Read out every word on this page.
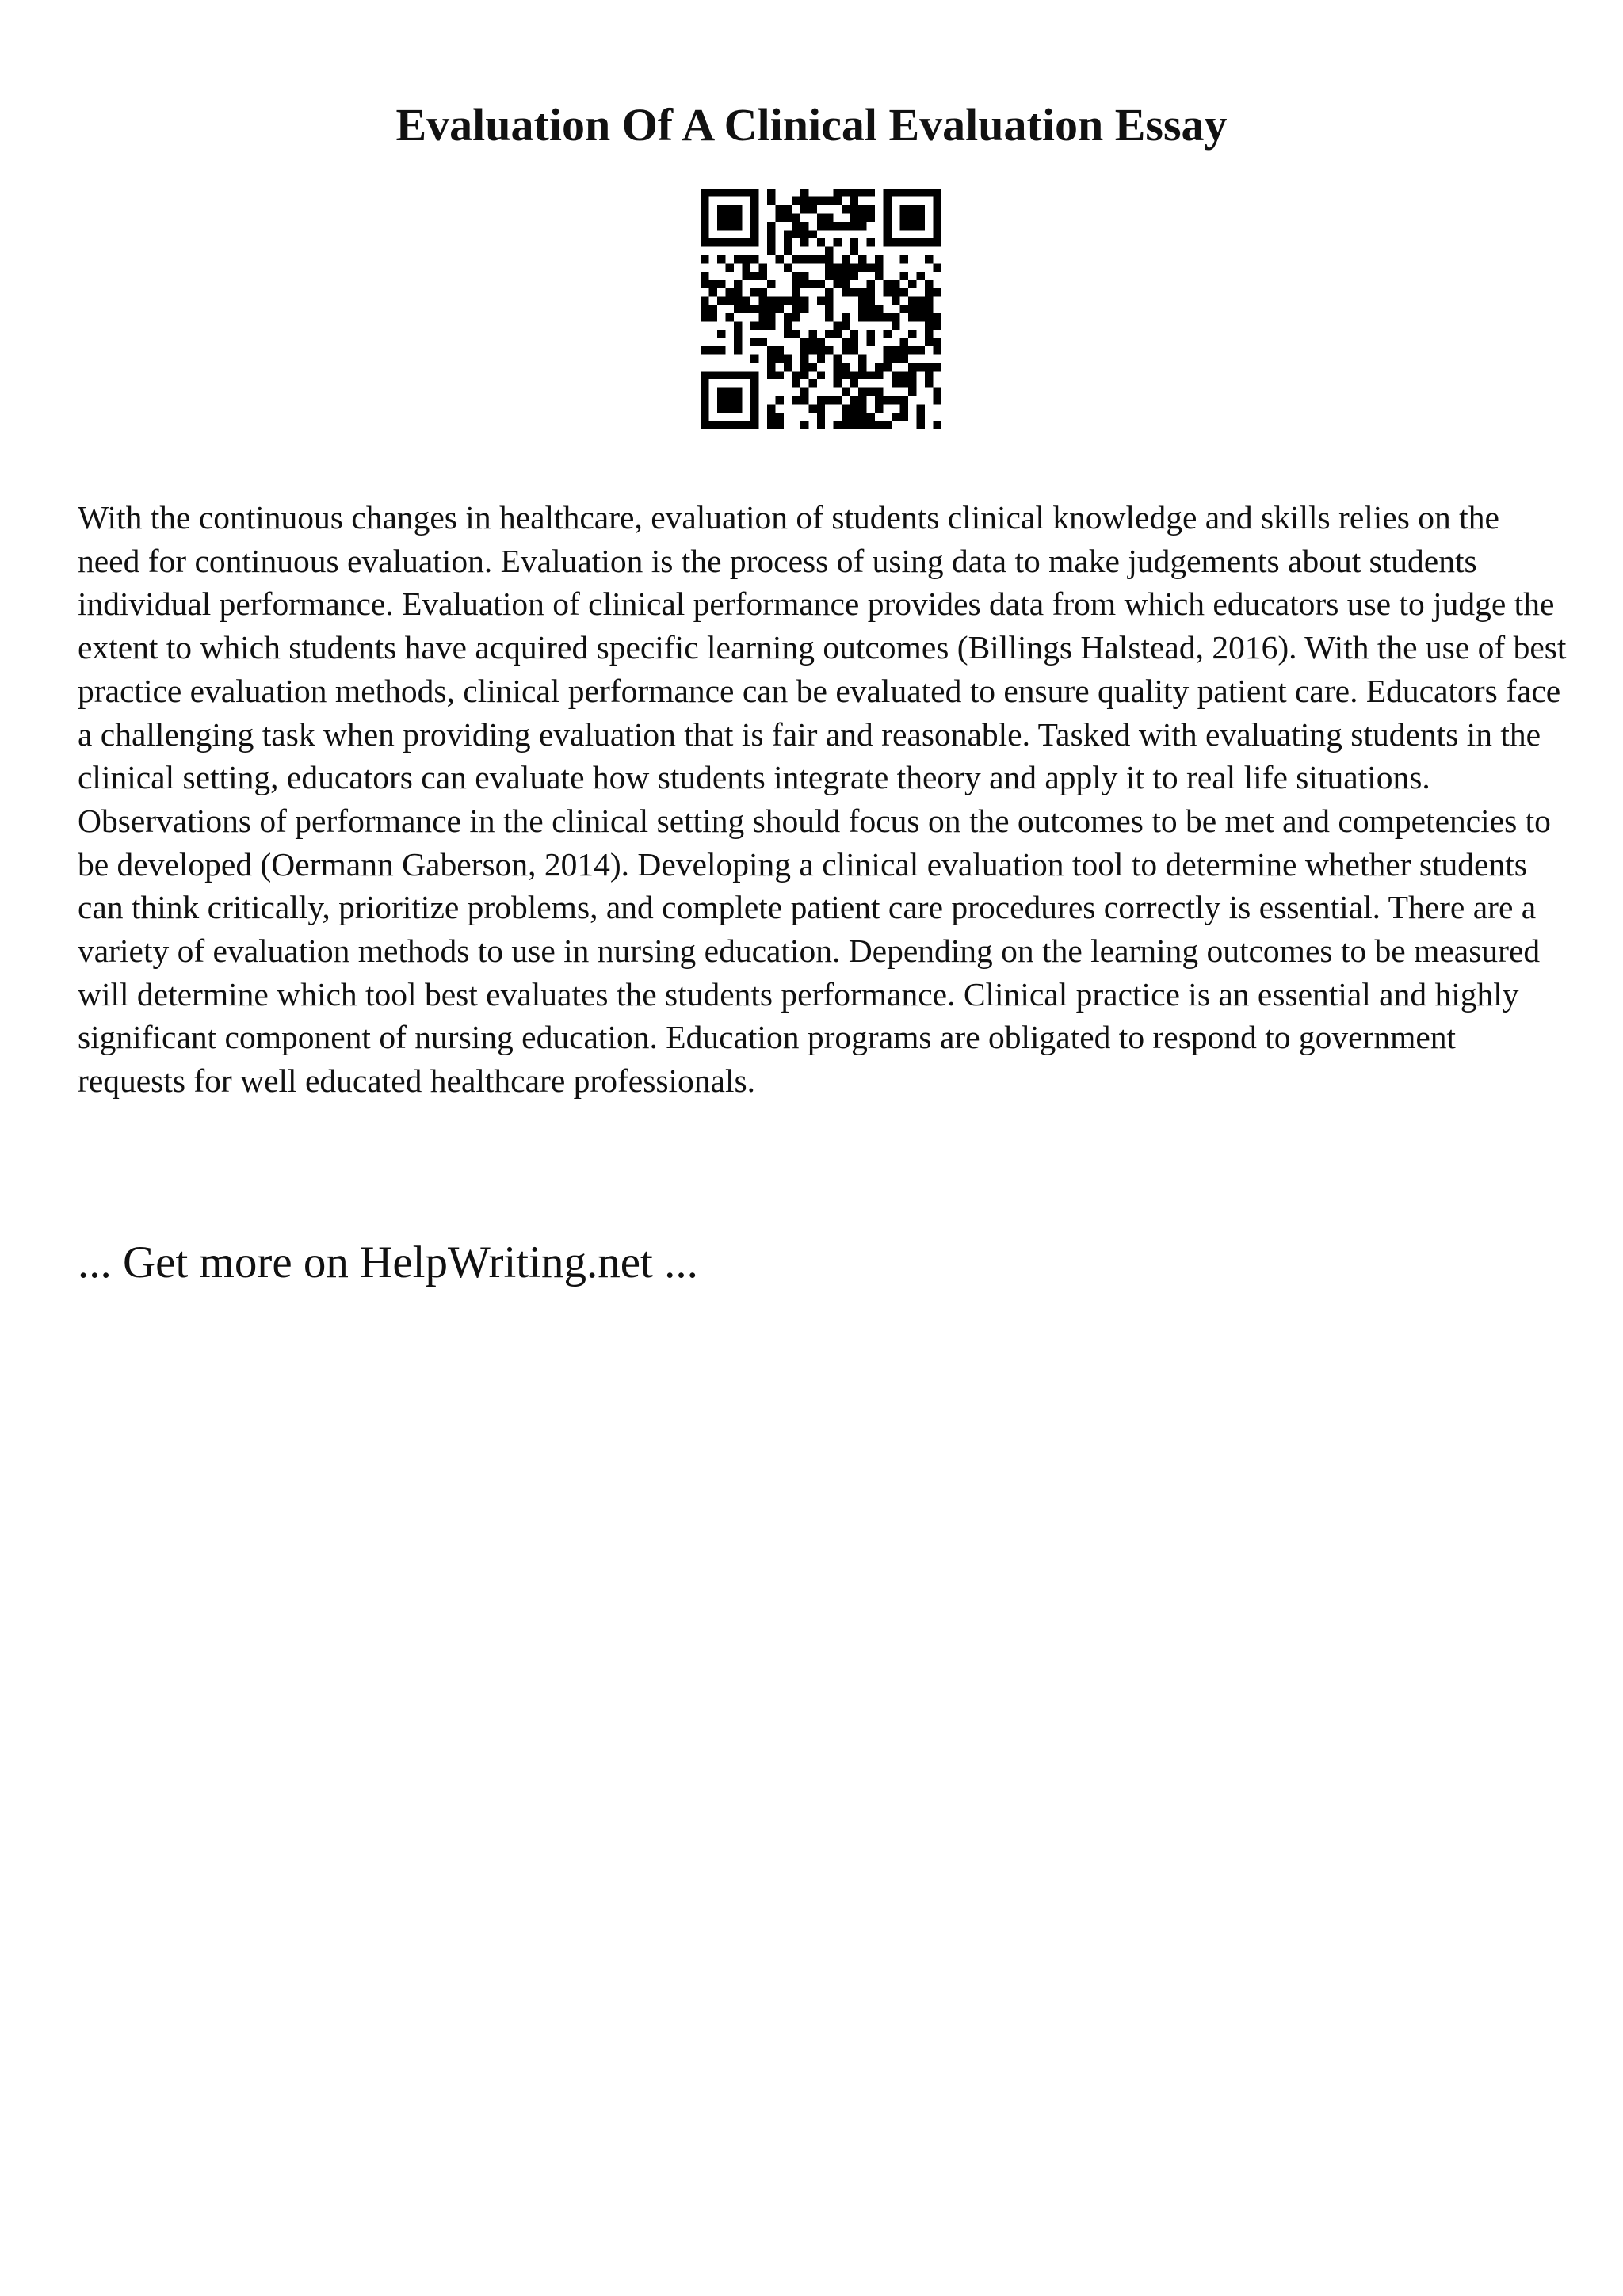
Evaluation Of A Clinical Evaluation Essay

With the continuous changes in healthcare, evaluation of students clinical knowledge and skills relies on the need for continuous evaluation. Evaluation is the process of using data to make judgements about students individual performance. Evaluation of clinical performance provides data from which educators use to judge the extent to which students have acquired specific learning outcomes (Billings Halstead, 2016). With the use of best practice evaluation methods, clinical performance can be evaluated to ensure quality patient care. Educators face a challenging task when providing evaluation that is fair and reasonable. Tasked with evaluating students in the clinical setting, educators can evaluate how students integrate theory and apply it to real life situations. Observations of performance in the clinical setting should focus on the outcomes to be met and competencies to be developed (Oermann Gaberson, 2014). Developing a clinical evaluation tool to determine whether students can think critically, prioritize problems, and complete patient care procedures correctly is essential. There are a variety of evaluation methods to use in nursing education. Depending on the learning outcomes to be measured will determine which tool best evaluates the students performance. Clinical practice is an essential and highly significant component of nursing education. Education programs are obligated to respond to government requests for well educated healthcare professionals.

... Get more on HelpWriting.net ...
